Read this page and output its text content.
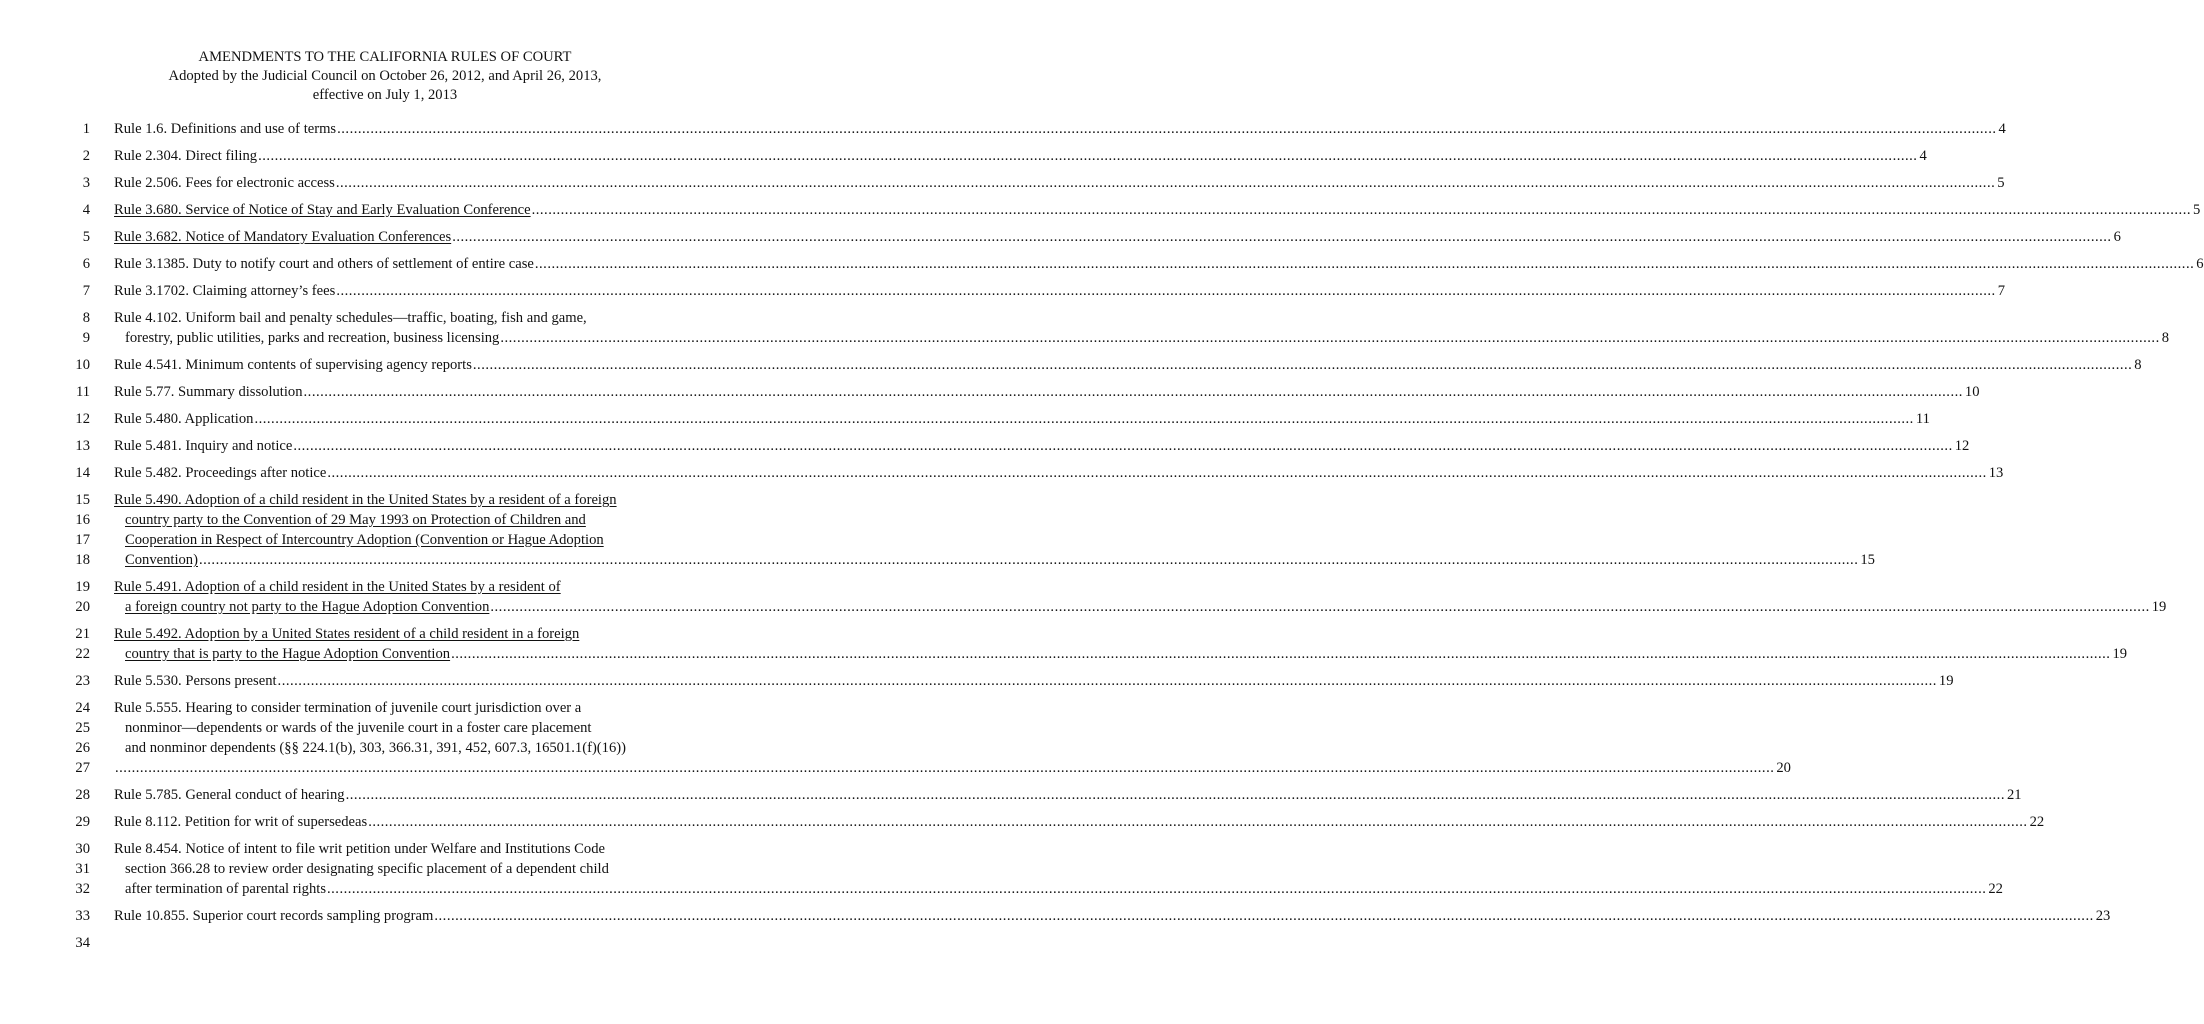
AMENDMENTS TO THE CALIFORNIA RULES OF COURT
Adopted by the Judicial Council on October 26, 2012, and April 26, 2013,
effective on July 1, 2013
1 Rule 1.6. Definitions and use of terms ................................................................................................................................................................................................................................................................................................................................................................................................................ 4
2 Rule 2.304. Direct filing ................................................................................................................................................................................................................................................................................................................................................................................................................ 4
3 Rule 2.506. Fees for electronic access ................................................................................................................................................................................................................................................................................................................................................................................................................ 5
4 Rule 3.680. Service of Notice of Stay and Early Evaluation Conference ................................................................................................................................................................................................................................................................................................................................................................................................................ 5
5 Rule 3.682. Notice of Mandatory Evaluation Conferences ................................................................................................................................................................................................................................................................................................................................................................................................................ 6
6 Rule 3.1385. Duty to notify court and others of settlement of entire case ................................................................................................................................................................................................................................................................................................................................................................................................................ 6
7 Rule 3.1702. Claiming attorney’s fees ................................................................................................................................................................................................................................................................................................................................................................................................................ 7
8 Rule 4.102. Uniform bail and penalty schedules—traffic, boating, fish and game,
9 forestry, public utilities, parks and recreation, business licensing ................................................................................................................................................................................................................................................................................................................................................................................................................ 8
10 Rule 4.541. Minimum contents of supervising agency reports ................................................................................................................................................................................................................................................................................................................................................................................................................ 8
11 Rule 5.77. Summary dissolution ................................................................................................................................................................................................................................................................................................................................................................................................................ 10
12 Rule 5.480. Application ................................................................................................................................................................................................................................................................................................................................................................................................................ 11
13 Rule 5.481. Inquiry and notice ................................................................................................................................................................................................................................................................................................................................................................................................................ 12
14 Rule 5.482. Proceedings after notice ................................................................................................................................................................................................................................................................................................................................................................................................................ 13
15 Rule 5.490. Adoption of a child resident in the United States by a resident of a foreign
16 country party to the Convention of 29 May 1993 on Protection of Children and
17 Cooperation in Respect of Intercountry Adoption (Convention or Hague Adoption
18 Convention) ................................................................................................................................................................................................................................................................................................................................................................................................................ 15
19 Rule 5.491. Adoption of a child resident in the United States by a resident of
20 a foreign country not party to the Hague Adoption Convention ................................................................................................................................................................................................................................................................................................................................................................................................................ 19
21 Rule 5.492. Adoption by a United States resident of a child resident in a foreign
22 country that is party to the Hague Adoption Convention ................................................................................................................................................................................................................................................................................................................................................................................................................ 19
23 Rule 5.530. Persons present ................................................................................................................................................................................................................................................................................................................................................................................................................ 19
24 Rule 5.555. Hearing to consider termination of juvenile court jurisdiction over a
25 nonminor—dependents or wards of the juvenile court in a foster care placement
26 and nonminor dependents (§§ 224.1(b), 303, 366.31, 391, 452, 607.3, 16501.1(f)(16))
27 ................................................................................................................................................................................................................................................................................................................................................................................................................ 20
28 Rule 5.785. General conduct of hearing ................................................................................................................................................................................................................................................................................................................................................................................................................ 21
29 Rule 8.112. Petition for writ of supersedeas ................................................................................................................................................................................................................................................................................................................................................................................................................ 22
30 Rule 8.454. Notice of intent to file writ petition under Welfare and Institutions Code
31 section 366.28 to review order designating specific placement of a dependent child
32 after termination of parental rights ................................................................................................................................................................................................................................................................................................................................................................................................................ 22
33 Rule 10.855. Superior court records sampling program ................................................................................................................................................................................................................................................................................................................................................................................................................ 23
34
